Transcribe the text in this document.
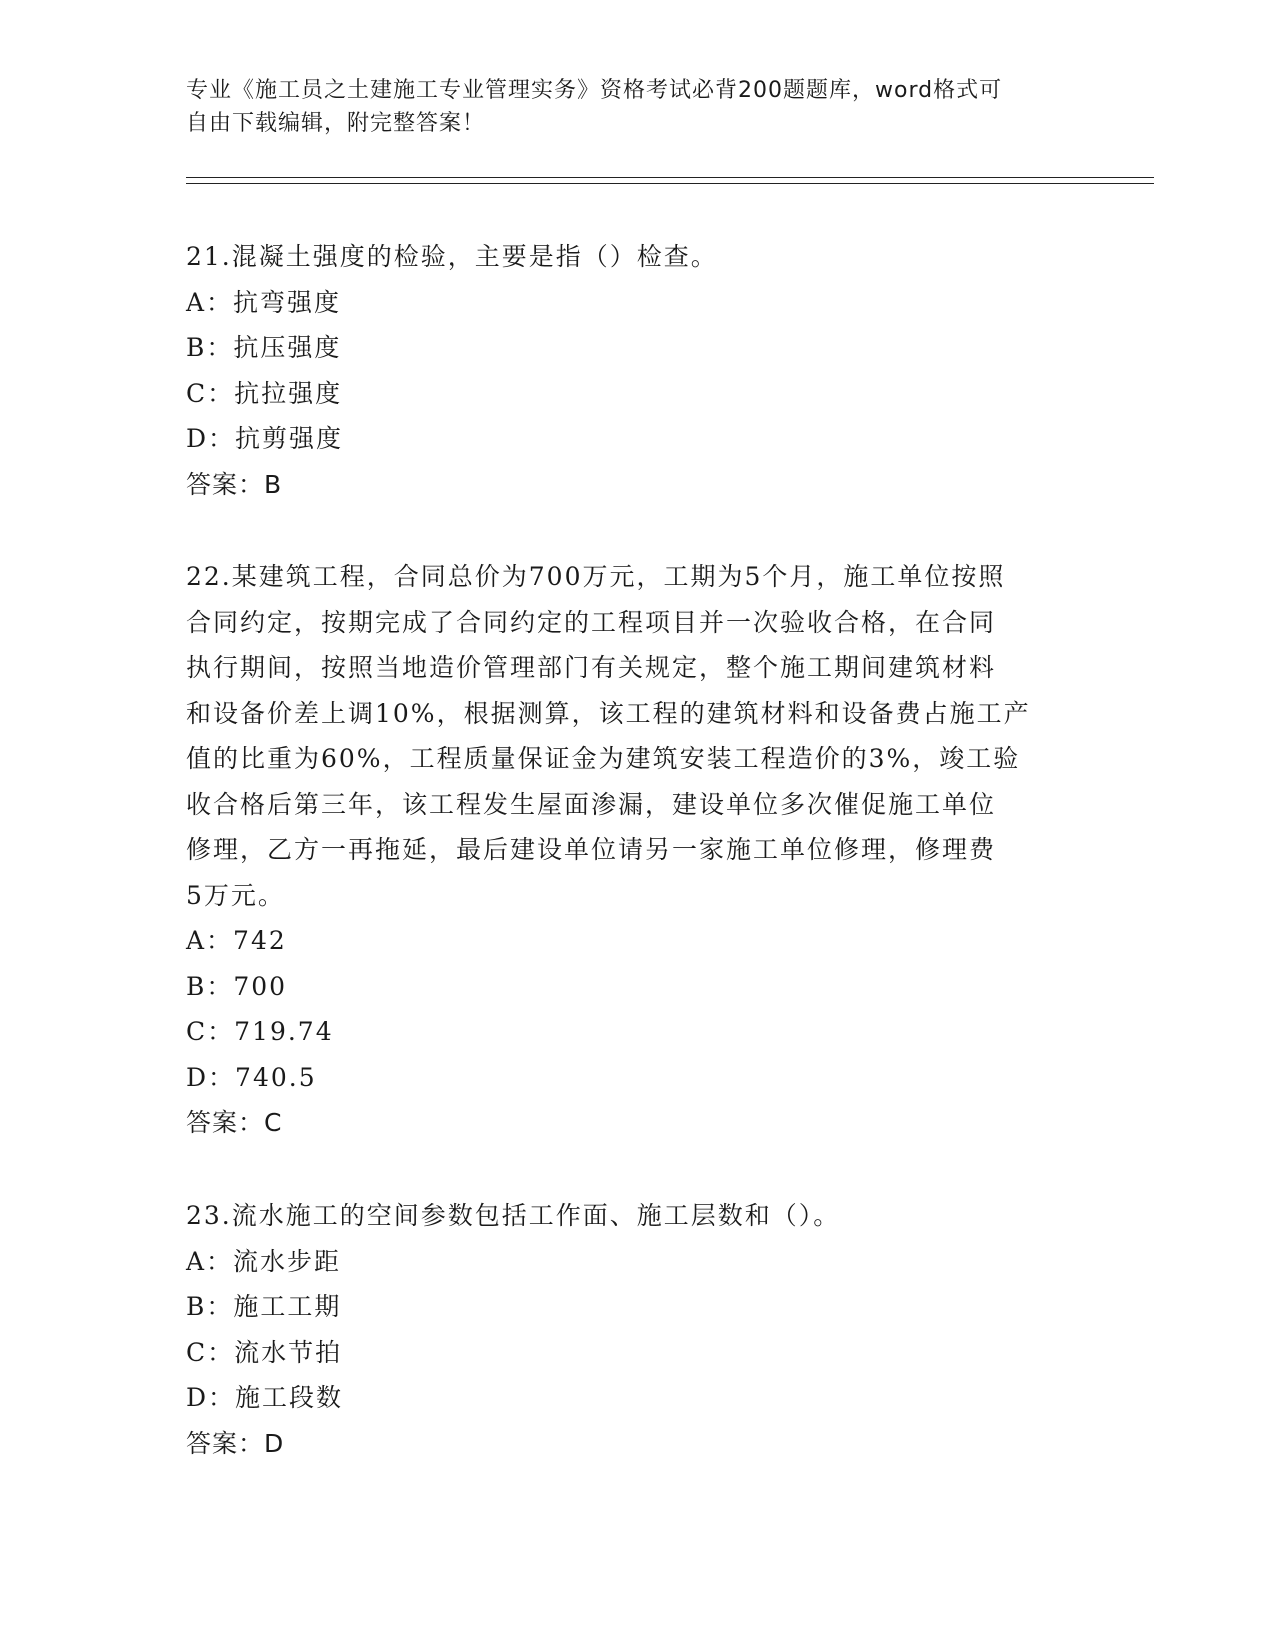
专业《施工员之土建施工专业管理实务》资格考试必背200题题库，word格式可

自由下载编辑，附完整答案！

21.混凝土强度的检验，主要是指（）检查。

A：抗弯强度

B：抗压强度

C：抗拉强度

D：抗剪强度

答案：B

22.某建筑工程，合同总价为700万元，工期为5个月，施工单位按照

合同约定，按期完成了合同约定的工程项目并一次验收合格，在合同

执行期间，按照当地造价管理部门有关规定，整个施工期间建筑材料

和设备价差上调10%，根据测算，该工程的建筑材料和设备费占施工产

值的比重为60%，工程质量保证金为建筑安装工程造价的3%，竣工验

收合格后第三年，该工程发生屋面渗漏，建设单位多次催促施工单位

修理，乙方一再拖延，最后建设单位请另一家施工单位修理，修理费

5万元。

A：742

B：700

C：719.74

D：740.5

答案：C

23.流水施工的空间参数包括工作面、施工层数和（）。

A：流水步距

B：施工工期

C：流水节拍

D：施工段数

答案：D
